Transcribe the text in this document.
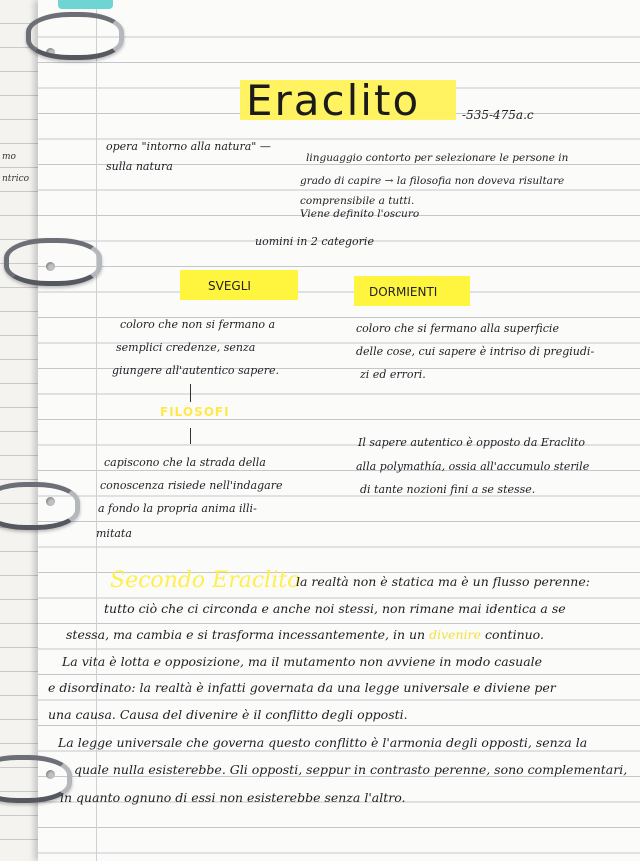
mo
ntrico
Eraclito	-535-475a.c
opera "intorno alla natura" —
sulla natura
linguaggio contorto per selezionare le persone in
grado di capire → la filosofia non doveva risultare
comprensibile a tutti.
Viene definito l'oscuro
uomini in 2 categorie
SVEGLI	DORMIENTI
coloro che non si fermano a
semplici credenze, senza
giungere all'autentico sapere.
FILOSOFI
capiscono che la strada della
conoscenza risiede nell'indagare
a fondo la propria anima illi-
mitata
coloro che si fermano alla superficie
delle cose, cui sapere è intriso di pregiudi-
zi ed errori.
Il sapere autentico è opposto da Eraclito
alla polymathía, ossia all'accumulo sterile
di tante nozioni fini a se stesse.
Secondo Eraclito
la realtà non è statica ma è un flusso perenne:
tutto ciò che ci circonda e anche noi stessi, non rimane mai identica a se
stessa, ma cambia e si trasforma incessantemente, in un divenire continuo.
La vita è lotta e opposizione, ma il mutamento non avviene in modo casuale
e disordinato: la realtà è infatti governata da una legge universale e diviene per
una causa. Causa del divenire è il conflitto degli opposti.
La legge universale che governa questo conflitto è l'armonia degli opposti, senza la
quale nulla esisterebbe. Gli opposti, seppur in contrasto perenne, sono complementari,
in quanto ognuno di essi non esisterebbe senza l'altro.
